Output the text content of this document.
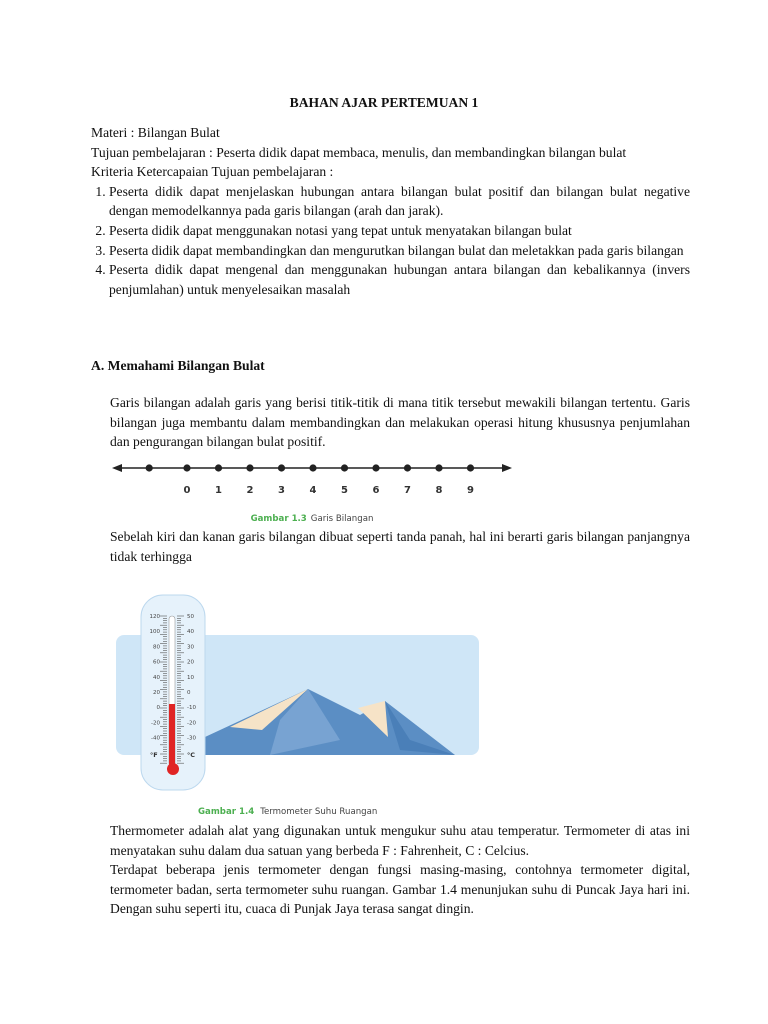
BAHAN AJAR PERTEMUAN 1
Materi : Bilangan Bulat
Tujuan pembelajaran : Peserta didik dapat membaca, menulis, dan membandingkan bilangan bulat
Kriteria Ketercapaian Tujuan pembelajaran :
1. Peserta didik dapat menjelaskan hubungan antara bilangan bulat positif dan bilangan bulat negative dengan memodelkannya pada garis bilangan (arah dan jarak).
2. Peserta didik dapat menggunakan notasi yang tepat untuk menyatakan bilangan bulat
3. Peserta didik dapat membandingkan dan mengurutkan bilangan bulat dan meletakkan pada garis bilangan
4. Peserta didik dapat mengenal dan menggunakan hubungan antara bilangan dan kebalikannya (invers penjumlahan) untuk menyelesaikan masalah
A. Memahami Bilangan Bulat
Garis bilangan adalah garis yang berisi titik-titik di mana titik tersebut mewakili bilangan tertentu. Garis bilangan juga membantu dalam membandingkan dan melakukan operasi hitung khususnya penjumlahan dan pengurangan bilangan bulat positif.
0 1 2 3 4 5 6 7 8 9
Gambar 1.3 Garis Bilangan
Sebelah kiri dan kanan garis bilangan dibuat seperti tanda panah, hal ini berarti garis bilangan panjangnya tidak terhingga
120
100
80
60
40
20
0
-20
-40
50
40
30
20
10
0
-10
-20
-30
°F	°C
Gambar 1.4 Termometer Suhu Ruangan
Thermometer adalah alat yang digunakan untuk mengukur suhu atau temperatur. Termometer di atas ini menyatakan suhu dalam dua satuan yang berbeda F : Fahrenheit, C : Celcius.
Terdapat beberapa jenis termometer dengan fungsi masing-masing, contohnya termometer digital, termometer badan, serta termometer suhu ruangan. Gambar 1.4 menunjukan suhu di Puncak Jaya hari ini. Dengan suhu seperti itu, cuaca di Punjak Jaya terasa sangat dingin.
